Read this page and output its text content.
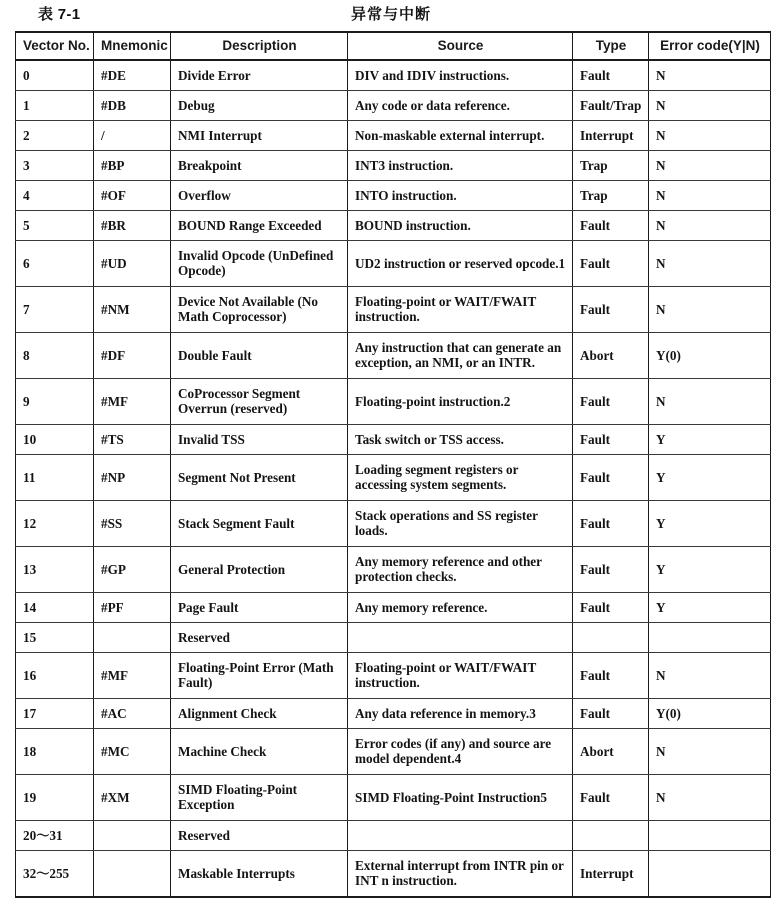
表 7-1	异常与中断
Vector No.	Mnemonic	Description	Source	Type	Error code(Y|N)
0	#DE	Divide Error	DIV and IDIV instructions.	Fault	N
1	#DB	Debug	Any code or data reference.	Fault/Trap	N
2	/	NMI Interrupt	Non-maskable external interrupt.	Interrupt	N
3	#BP	Breakpoint	INT3 instruction.	Trap	N
4	#OF	Overflow	INTO instruction.	Trap	N
5	#BR	BOUND Range Exceeded	BOUND instruction.	Fault	N
6	#UD	Invalid Opcode (UnDefined Opcode)	UD2 instruction or reserved opcode.1	Fault	N
7	#NM	Device Not Available (No Math Coprocessor)	Floating-point or WAIT/FWAIT instruction.	Fault	N
8	#DF	Double Fault	Any instruction that can generate an exception, an NMI, or an INTR.	Abort	Y(0)
9	#MF	CoProcessor Segment Overrun (reserved)	Floating-point instruction.2	Fault	N
10	#TS	Invalid TSS	Task switch or TSS access.	Fault	Y
11	#NP	Segment Not Present	Loading segment registers or accessing system segments.	Fault	Y
12	#SS	Stack Segment Fault	Stack operations and SS register loads.	Fault	Y
13	#GP	General Protection	Any memory reference and other protection checks.	Fault	Y
14	#PF	Page Fault	Any memory reference.	Fault	Y
15		Reserved			
16	#MF	Floating-Point Error (Math Fault)	Floating-point or WAIT/FWAIT instruction.	Fault	N
17	#AC	Alignment Check	Any data reference in memory.3	Fault	Y(0)
18	#MC	Machine Check	Error codes (if any) and source are model dependent.4	Abort	N
19	#XM	SIMD Floating-Point Exception	SIMD Floating-Point Instruction5	Fault	N
20～31		Reserved			
32～255		Maskable Interrupts	External interrupt from INTR pin or INT n instruction.	Interrupt	
